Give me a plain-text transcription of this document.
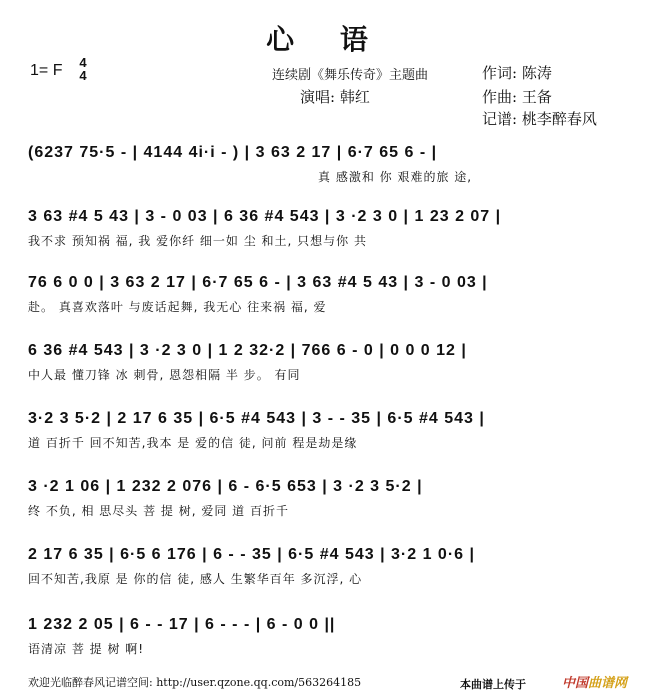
心 语
1= F 4
4	连续剧《舞乐传奇》主题曲
演唱: 韩红
作词: 陈涛
作曲: 王备
记谱: 桃李醉春风
(6237 75·5 - | 4144 4i·i - ) | 3 63 2 17 | 6·7 65 6 - |
真 感激和 你 艰难的旅 途,
3 63 #4 5 43 | 3 - 0 03 | 6 36 #4 543 | 3 ·2 3 0 | 1 23 2 07 |
我不求 预知祸 福, 我 爱你纤 细一如 尘 和土, 只想与你 共
76 6 0 0 | 3 63 2 17 | 6·7 65 6 - | 3 63 #4 5 43 | 3 - 0 03 |
赴。 真喜欢落叶 与废话起舞, 我无心 往来祸 福, 爱
6 36 #4 543 | 3 ·2 3 0 | 1 2 32·2 | 766 6 - 0 | 0 0 0 12 |
中人最 懂刀锋 冰 刺骨, 恩怨相隔 半 步。 有同
3·2 3 5·2 | 2 17 6 35 | 6·5 #4 543 | 3 - - 35 | 6·5 #4 543 |
道 百折千 回不知苦,我本 是 爱的信 徒, 问前 程是劫是缘
3 ·2 1 06 | 1 232 2 076 | 6 - 6·5 653 | 3 ·2 3 5·2 |
终 不负, 相 思尽头 菩 提 树, 爱同 道 百折千
2 17 6 35 | 6·5 6 176 | 6 - - 35 | 6·5 #4 543 | 3·2 1 0·6 |
回不知苦,我原 是 你的信 徒, 感人 生繁华百年 多沉浮, 心
1 232 2 05 | 6 - - 17 | 6 - - - | 6 - 0 0 ||
语清凉 菩 提 树 啊!
欢迎光临醉春风记谱空间: http://user.qzone.qq.com/563264185	本曲谱上传于	中国曲谱网
